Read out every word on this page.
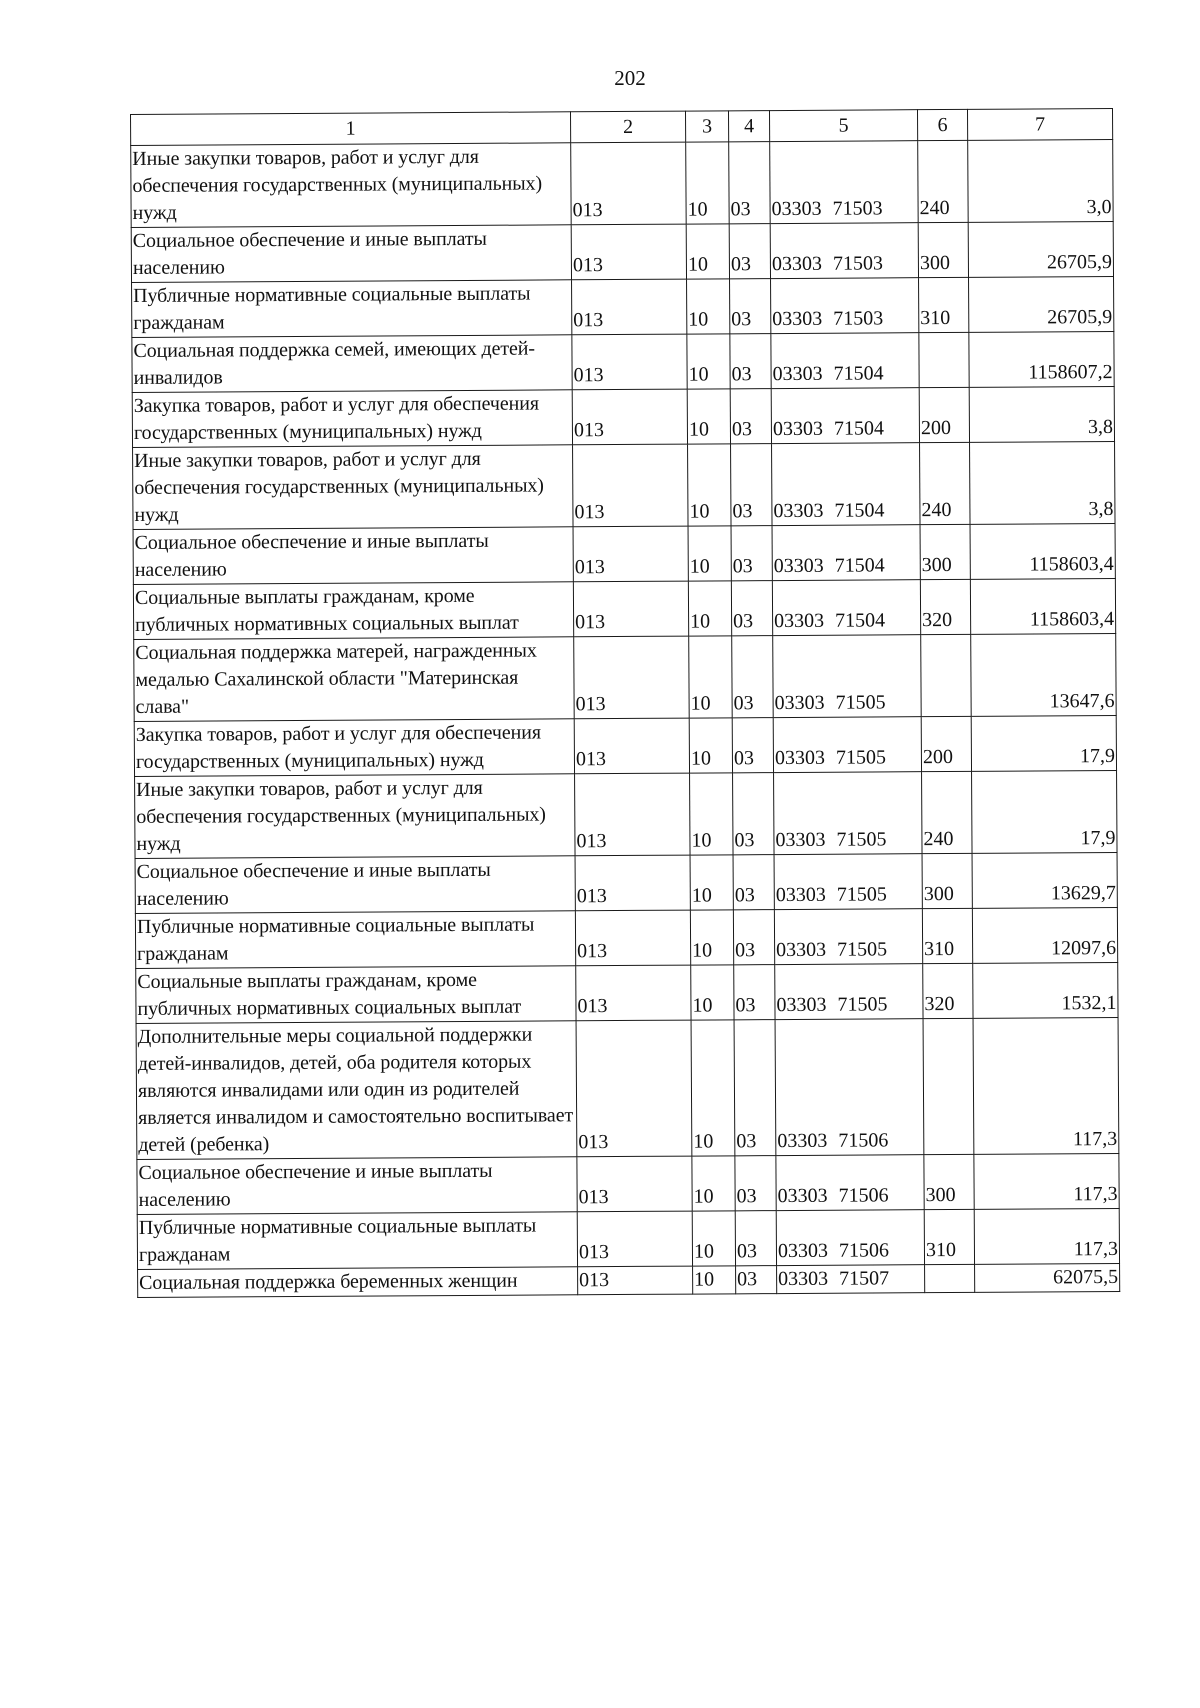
202
1	2	3	4	5	6	7
Иные закупки товаров, работ и услуг для обеспечения государственных (муниципальных) нужд	013	10	03	03303 71503	240	3,0
Социальное обеспечение и иные выплаты населению	013	10	03	03303 71503	300	26705,9
Публичные нормативные социальные выплаты гражданам	013	10	03	03303 71503	310	26705,9
Социальная поддержка семей, имеющих детей-инвалидов	013	10	03	03303 71504		1158607,2
Закупка товаров, работ и услуг для обеспечения государственных (муниципальных) нужд	013	10	03	03303 71504	200	3,8
Иные закупки товаров, работ и услуг для обеспечения государственных (муниципальных) нужд	013	10	03	03303 71504	240	3,8
Социальное обеспечение и иные выплаты населению	013	10	03	03303 71504	300	1158603,4
Социальные выплаты гражданам, кроме публичных нормативных социальных выплат	013	10	03	03303 71504	320	1158603,4
Социальная поддержка матерей, награжденных медалью Сахалинской области "Материнская слава"	013	10	03	03303 71505		13647,6
Закупка товаров, работ и услуг для обеспечения государственных (муниципальных) нужд	013	10	03	03303 71505	200	17,9
Иные закупки товаров, работ и услуг для обеспечения государственных (муниципальных) нужд	013	10	03	03303 71505	240	17,9
Социальное обеспечение и иные выплаты населению	013	10	03	03303 71505	300	13629,7
Публичные нормативные социальные выплаты гражданам	013	10	03	03303 71505	310	12097,6
Социальные выплаты гражданам, кроме публичных нормативных социальных выплат	013	10	03	03303 71505	320	1532,1
Дополнительные меры социальной поддержки детей-инвалидов, детей, оба родителя которых являются инвалидами или один из родителей является инвалидом и самостоятельно воспитывает детей (ребенка)	013	10	03	03303 71506		117,3
Социальное обеспечение и иные выплаты населению	013	10	03	03303 71506	300	117,3
Публичные нормативные социальные выплаты гражданам	013	10	03	03303 71506	310	117,3
Социальная поддержка беременных женщин	013	10	03	03303 71507		62075,5
